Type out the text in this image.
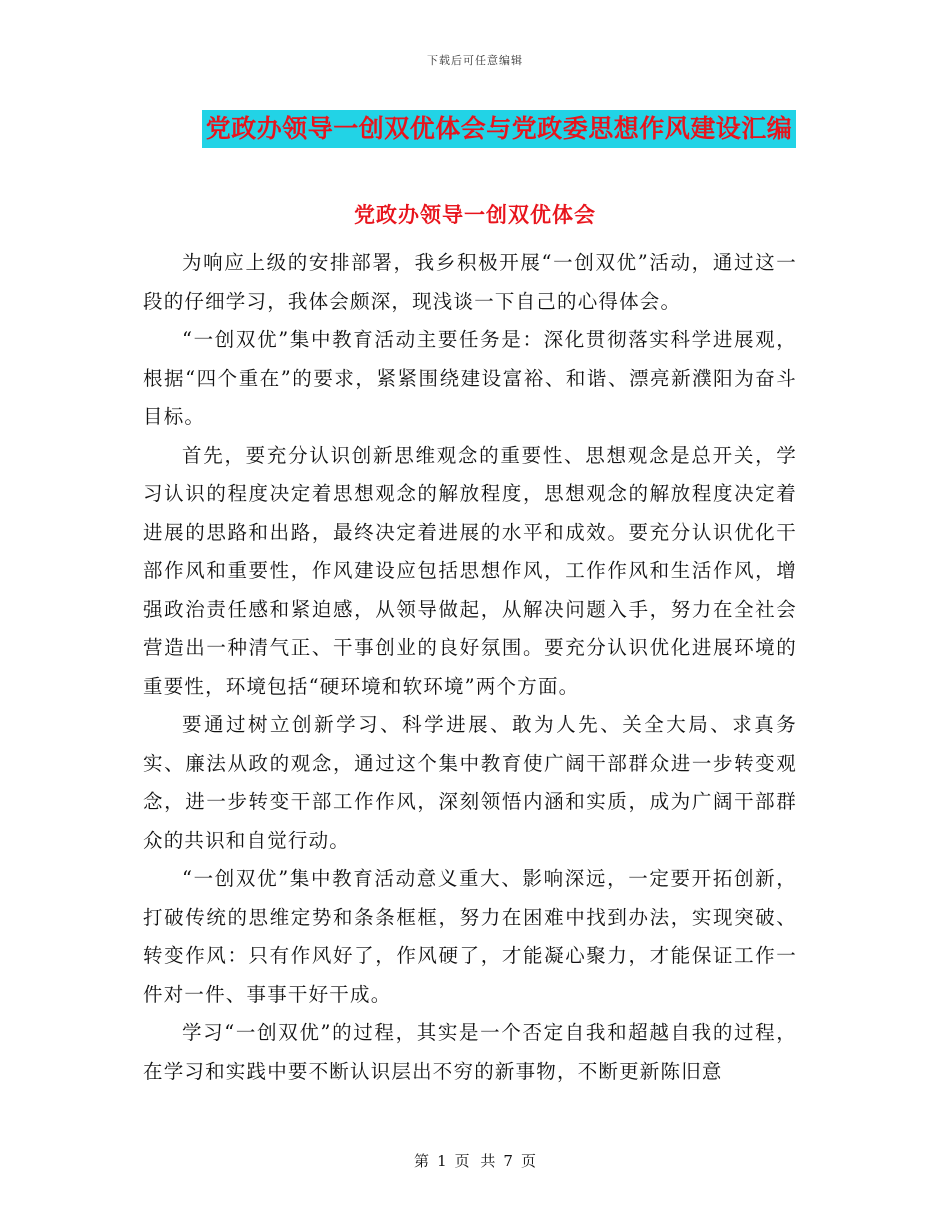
下载后可任意编辑
党政办领导一创双优体会与党政委思想作风建设汇编
党政办领导一创双优体会

为响应上级的安排部署，我乡积极开展“一创双优”活动，通过这一段的仔细学习，我体会颇深，现浅谈一下自己的心得体会。

“一创双优”集中教育活动主要任务是：深化贯彻落实科学进展观，根据“四个重在”的要求，紧紧围绕建设富裕、和谐、漂亮新濮阳为奋斗目标。

首先，要充分认识创新思维观念的重要性、思想观念是总开关，学习认识的程度决定着思想观念的解放程度，思想观念的解放程度决定着进展的思路和出路，最终决定着进展的水平和成效。要充分认识优化干部作风和重要性，作风建设应包括思想作风，工作作风和生活作风，增强政治责任感和紧迫感，从领导做起，从解决问题入手，努力在全社会营造出一种清气正、干事创业的良好氛围。要充分认识优化进展环境的重要性，环境包括“硬环境和软环境”两个方面。

要通过树立创新学习、科学进展、敢为人先、关全大局、求真务实、廉法从政的观念，通过这个集中教育使广阔干部群众进一步转变观念，进一步转变干部工作作风，深刻领悟内涵和实质，成为广阔干部群众的共识和自觉行动。

“一创双优”集中教育活动意义重大、影响深远，一定要开拓创新，打破传统的思维定势和条条框框，努力在困难中找到办法，实现突破、转变作风：只有作风好了，作风硬了，才能凝心聚力，才能保证工作一件对一件、事事干好干成。

学习“一创双优”的过程，其实是一个否定自我和超越自我的过程，在学习和实践中要不断认识层出不穷的新事物，不断更新陈旧意

第 1 页 共 7 页
